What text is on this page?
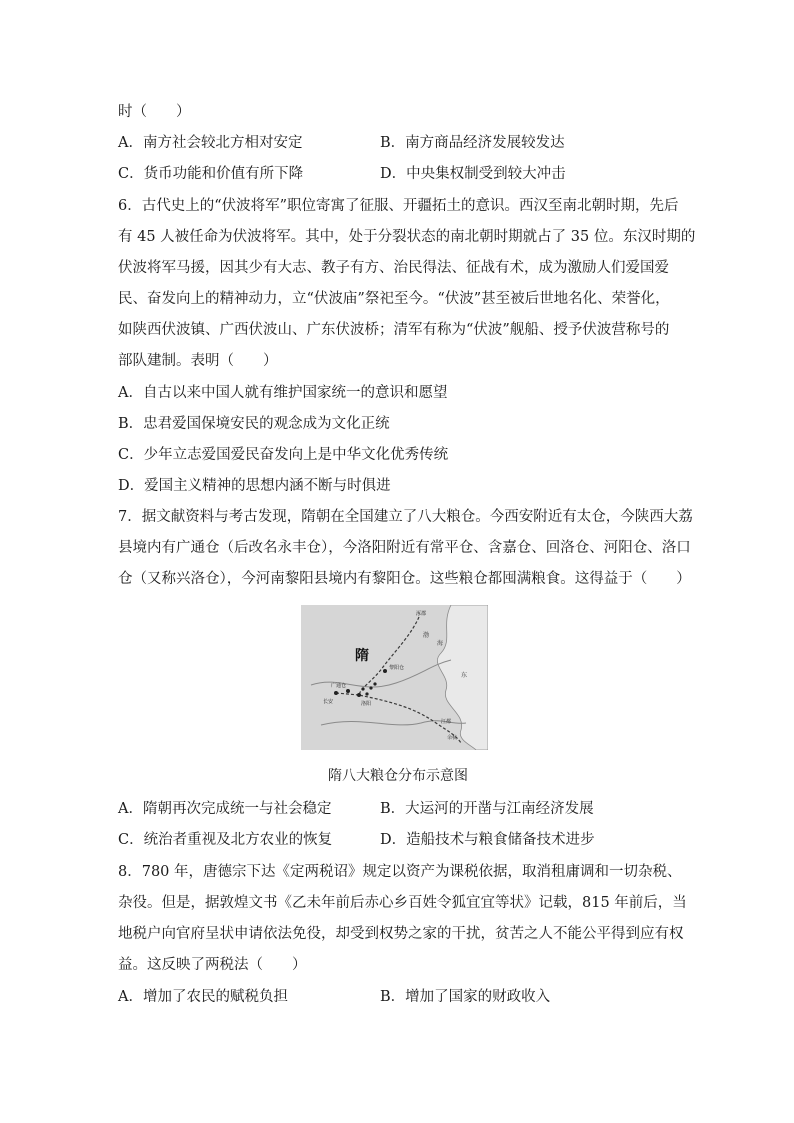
时（　　）
A．南方社会较北方相对安定	B．南方商品经济发展较发达
C．货币功能和价值有所下降	D．中央集权制受到较大冲击
6．古代史上的“伏波将军”职位寄寓了征服、开疆拓土的意识。西汉至南北朝时期，先后
有 45 人被任命为伏波将军。其中，处于分裂状态的南北朝时期就占了 35 位。东汉时期的
伏波将军马援，因其少有大志、教子有方、治民得法、征战有术，成为激励人们爱国爱
民、奋发向上的精神动力，立“伏波庙”祭祀至今。“伏波”甚至被后世地名化、荣誉化，
如陕西伏波镇、广西伏波山、广东伏波桥；清军有称为“伏波”舰船、授予伏波营称号的
部队建制。表明（　　）
A．自古以来中国人就有维护国家统一的意识和愿望
B．忠君爱国保境安民的观念成为文化正统
C．少年立志爱国爱民奋发向上是中华文化优秀传统
D．爱国主义精神的思想内涵不断与时俱进
7．据文献资料与考古发现，隋朝在全国建立了八大粮仓。今西安附近有太仓，今陕西大荔
县境内有广通仓（后改名永丰仓），今洛阳附近有常平仓、含嘉仓、回洛仓、河阳仓、洛口
仓（又称兴洛仓），今河南黎阳县境内有黎阳仓。这些粮仓都囤满粮食。这得益于（　　）
隋
涿郡
黎阳仓
洛阳
长安
广通仓
渤
海
东
江都
余杭
隋八大粮仓分布示意图
A．隋朝再次完成统一与社会稳定	B．大运河的开凿与江南经济发展
C．统治者重视及北方农业的恢复	D．造船技术与粮食储备技术进步
8．780 年，唐德宗下达《定两税诏》规定以资产为课税依据，取消租庸调和一切杂税、
杂役。但是，据敦煌文书《乙未年前后赤心乡百姓令狐宜宜等状》记载，815 年前后，当
地税户向官府呈状申请依法免役，却受到权势之家的干扰，贫苦之人不能公平得到应有权
益。这反映了两税法（　　）
A．增加了农民的赋税负担	B．增加了国家的财政收入
